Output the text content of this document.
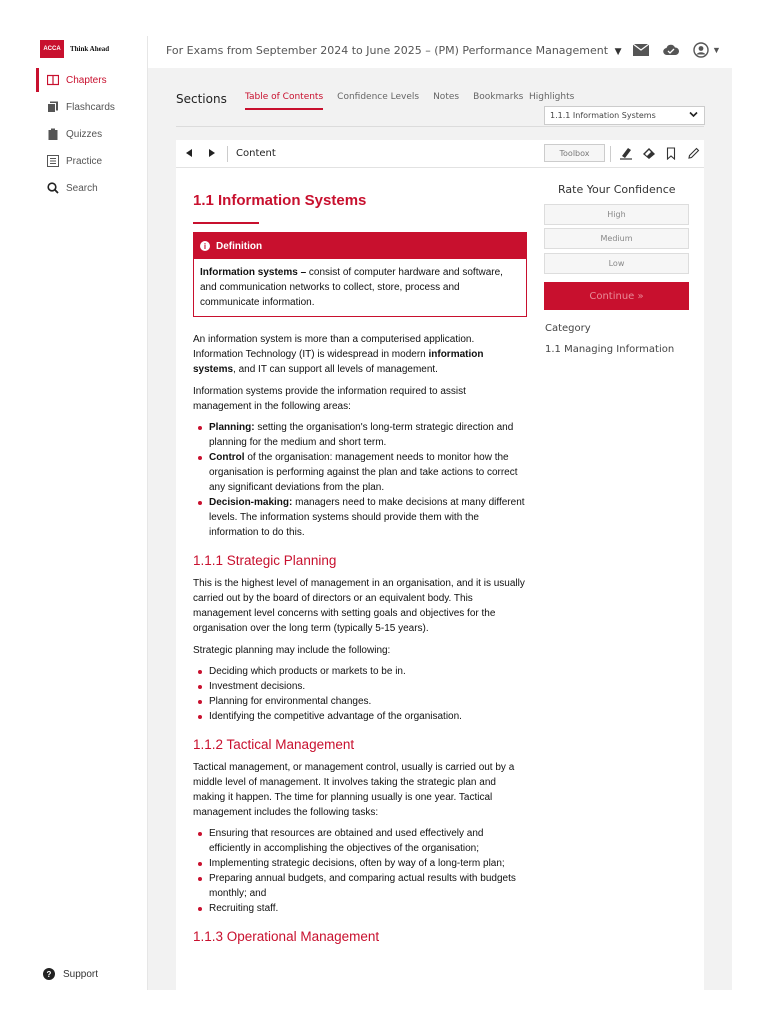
ACCA	Think Ahead
Chapters
Flashcards
Quizzes
Practice
Search
?	Support
For Exams from September 2024 to June 2025 – (PM) Performance Management ▼	▼
Sections Table of Contents Confidence Levels Notes Bookmarks Highlights
1.1.1 Information Systems
Content	Toolbox
1.1 Information Systems
i Definition
Information systems – consist of computer hardware and software, and communication networks to collect, store, process and communicate information.

An information system is more than a computerised application. Information Technology (IT) is widespread in modern information systems, and IT can support all levels of management.

Information systems provide the information required to assist management in the following areas:

Planning: setting the organisation's long-term strategic direction and planning for the medium and short term.
Control of the organisation: management needs to monitor how the organisation is performing against the plan and take actions to correct any significant deviations from the plan.
Decision-making: managers need to make decisions at many different levels. The information systems should provide them with the information to do this.
1.1.1 Strategic Planning

This is the highest level of management in an organisation, and it is usually carried out by the board of directors or an equivalent body. This management level concerns with setting goals and objectives for the organisation over the long term (typically 5-15 years).

Strategic planning may include the following:

Deciding which products or markets to be in.
Investment decisions.
Planning for environmental changes.
Identifying the competitive advantage of the organisation.
1.1.2 Tactical Management

Tactical management, or management control, usually is carried out by a middle level of management. It involves taking the strategic plan and making it happen. The time for planning usually is one year. Tactical management includes the following tasks:

Ensuring that resources are obtained and used effectively and efficiently in accomplishing the objectives of the organisation;
Implementing strategic decisions, often by way of a long-term plan;
Preparing annual budgets, and comparing actual results with budgets monthly; and
Recruiting staff.
1.1.3 Operational Management
Rate Your Confidence
High
Medium
Low
Continue »
Category
1.1 Managing Information
